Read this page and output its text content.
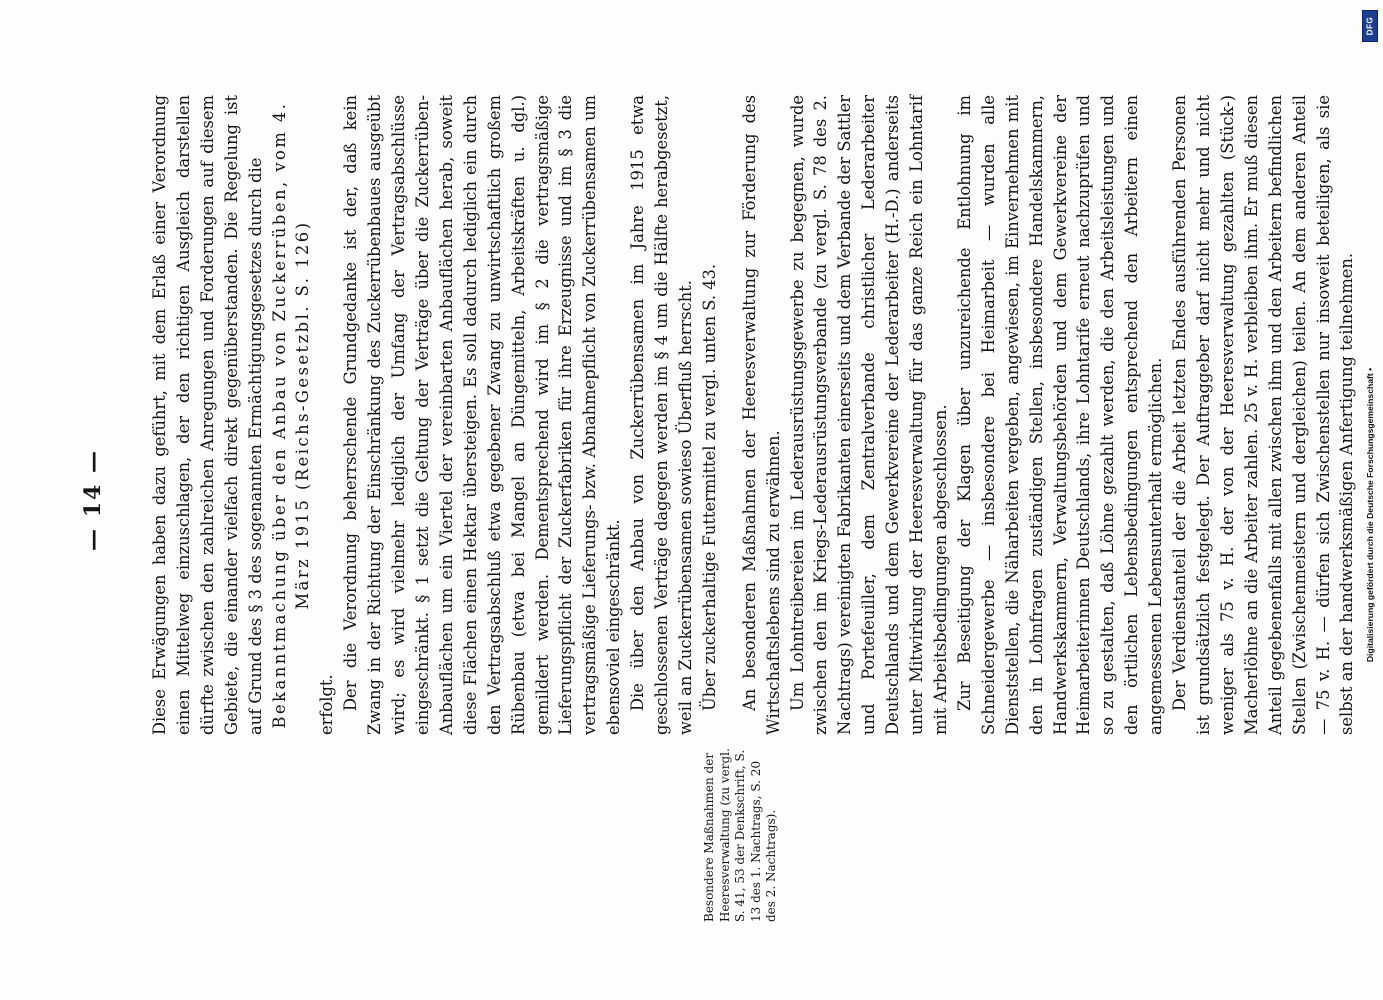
— 14 —	Diese Erwägungen haben dazu geführt, mit dem Erlaß einer Verordnung einen Mittelweg einzuschlagen, der den richtigen Ausgleich darstellen dürfte zwischen den zahlreichen Anregungen und Forderungen auf diesem Gebiete, die einander vielfach direkt gegenüberstanden. Die Regelung ist auf Grund des § 3 des sogenannten Ermächtigungsgesetzes durch die Bekanntmachung über den Anbau von Zuckerrüben, vom 4. März 1915 (Reichs-Gesetzbl. S. 126)

erfolgt. Der die Verordnung beherrschende Grundgedanke ist der, daß kein Zwang in der Richtung der Einschränkung des Zuckerrübenbaues ausgeübt wird; es wird vielmehr lediglich der Umfang der Vertragsabschlüsse eingeschränkt. § 1 setzt die Geltung der Verträge über die Zuckerrüben-Anbauflächen um ein Viertel der vereinbarten Anbauflächen herab, soweit diese Flächen einen Hektar übersteigen. Es soll dadurch lediglich ein durch den Vertragsabschluß etwa gegebener Zwang zu unwirtschaftlich großem Rübenbau (etwa bei Mangel an Düngemitteln, Arbeitskräften u. dgl.) gemildert werden. Dementsprechend wird im § 2 die vertragsmäßige Lieferungspflicht der Zuckerfabriken für ihre Erzeugnisse und im § 3 die vertragsmäßige Lieferungs- bzw. Abnahmepflicht von Zuckerrübensamen um ebensoviel eingeschränkt. Die über den Anbau von Zuckerrübensamen im Jahre 1915 etwa geschlossenen Verträge dagegen werden im § 4 um die Hälfte herabgesetzt, weil an Zuckerrübensamen sowieso Überfluß herrscht. Über zuckerhaltige Futtermittel zu vergl. unten S. 43. An besonderen Maßnahmen der Heeresverwaltung zur Förderung des Wirtschaftslebens sind zu erwähnen. Um Lohntreibereien im Lederausrüstungsgewerbe zu begegnen, wurde zwischen den im Kriegs-Lederausrüstungsverbande (zu vergl. S. 78 des 2. Nachtrags) vereinigten Fabrikanten einerseits und dem Verbande der Sattler und Portefeuiller, dem Zentralverbande christlicher Lederarbeiter Deutschlands und dem Gewerkvereine der Lederarbeiter (H.-D.) anderseits unter Mitwirkung der Heeresverwaltung für das ganze Reich ein Lohntarif mit Arbeitsbedingungen abgeschlossen. Zur Beseitigung der Klagen über unzureichende Entlohnung im Schneidergewerbe — insbesondere bei Heimarbeit — wurden alle Dienststellen, die Näharbeiten vergeben, angewiesen, im Einvernehmen mit den in Lohnfragen zuständigen Stellen, insbesondere Handelskammern, Handwerkskammern, Verwaltungsbehörden und dem Gewerkvereine der Heimarbeiterinnen Deutschlands, ihre Lohntarife erneut nachzuprüfen und so zu gestalten, daß Löhne gezahlt werden, die den Arbeitsleistungen und den örtlichen Lebensbedingungen entsprechend den Arbeitern einen angemessenen Lebensunterhalt ermöglichen. Der Verdienstanteil der die Arbeit letzten Endes ausführenden Personen ist grundsätzlich festgelegt. Der Auftraggeber darf nicht mehr und nicht weniger als 75 v. H. der von der Heeresverwaltung gezahlten (Stück-) Macherlöhne an die Arbeiter zahlen. 25 v. H. verbleiben ihm. Er muß diesen Anteil gegebenenfalls mit allen zwischen ihm und den Arbeitern befindlichen Stellen (Zwischenmeistern und dergleichen) teilen. An dem anderen Anteil — 75 v. H. — dürfen sich Zwischenstellen nur insoweit beteiligen, als sie selbst an der handwerksmäßigen Anfertigung teilnehmen.

Besondere Maßnahmen der Heeresverwaltung (zu vergl. S. 41, 53 der Denkschrift, S. 13 des 1. Nachtrags, S. 20 des 2. Nachtrags).
DFG
Digitalisierung gefördert durch die Deutsche Forschungsgemeinschaft •
